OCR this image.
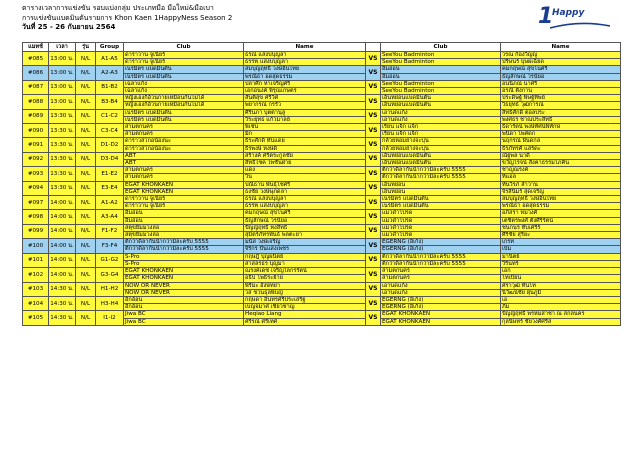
ตารางเวลาการแข่งขัน รอบแบ่งกลุ่ม ประเภทมือ มือใหม่&มือเบา
การแข่งขันแบดมินตันรายการ Khon Kaen 1HappyNess Season 2
วันที่ 25 - 26 กันยายน 2564	1
Happy
แมทช์	เวลา	รุ่น	Group	Club	Name		Club	Name
#085	13:00 น.	N/L	A1-A5	ดาราวาน จูเนียร์	ธรณ์ แสงบบุญลา	VS	SeeYou Badminton	วรณ ก้องวิญญู
				ดาราวาน จูเนียร์	ธรรพ์ แสงบบุญลา		SeeYou Badminton	ปริษนร์ บุษผเฉียด
#086	13:00 น.	N/L	A2-A3	เนรมิตร แบดมินตัน	สมบุญฤทธิ์ วงษ์อินไทย	VS	อื่มอ่อน	คมกฤษณ์ สุขโนศรี
				เนรมิตร แบดมินตัน	พรณีธา อดสุดธรรม		อื่มอ่อน	ธัญลักษณ์ วรนัยอ
#087	13:00 น.	N/L	B1-B2	เฉลาแก้ง	ปลาศึก หาเจริญศรี	VS	SeeYou Badminton	อนนิภณ์ นาศรี
				เฉลาแก้ง	เอกอนงค์ พิรุณเกษตร		SeeYou Badminton	อรณี ตึงกาน
#088	13:00 น.	N/L	B3-B4	หญิงเองก็อ้วนกายเหมือนกันไม่ได้	สันติสุข ศรีวิศ	VS	เอ็นหย่อนแบดมินตัน	ประดิษฐ์ พิษฐ์ทิพย์
				หญิงเองก็อ้วนกายเหมือนกันไม่ได้	พยากรณ์ กรรัว		เอ็นหย่อนแบดมินตัน	วิธยุทธ์ วุฒิการณ์
#089	13:30 น.	N/L	C1-C2	เนรมิตร แบดมินตัน	ศิรินภา บุตตานุลู	VS	เอานดแก้ง	สิทธิศักดิ์ ตอลประ
				เนรมิตร แบดมินตัน	วีระยุทธ แก้วมาลย์		เอานดแก้ง	พงศธร ชาณประสิทธิ์
#090	13:30 น.	N/L	C3-C4	สามตกนคร	พีเช่น	VS	เรียน แจ็ก แจ็ก	ธีดารัตน์ พงษ์ทัศน์พิทักษ์
				สามตกนคร	มิก		เรียน แจ็ก แจ็ก	พนิดา ไพศดก
#091	13:30 น.	N/L	D1-D2	ดาราวสโกอน้องนะ	ธีระศักดิ์ ทันแดย	VS	กล้วยหอมย่างจะบุน	นฤกรณ์ ฝึนดกล
				ดาราวสโกอน้องนะ	ธีรพงษ์ หงษ์ดี		กล้วยหอมย่างจะบุน	ธีรภัทรศ์ แสร์ดะ
#092	13:30 น.	N/L	D3-D4	ABT	สร้างค์ ศรีตระกูลชัย	VS	เอ็นหย่อนแบดมินตัน	ณัฐพล นาดี
				ABT	สิทธิ์ไชค ไพชั้นฝ่าย		เอ็นหย่อนแบดมินตัน	ขวัญโรจน์ สังคาธรรมโภคิน
#093	13:30 น.	N/L	E1-E2	สามตกนคร	แดง	VS	ตีกว่าดีลากันน้ากว่ามีละครับ 5555	ชาญณรงค์
				สามตกนคร	วิน		ตีกว่าดีลากันน้ากว่ามีละครับ 5555	ทีแอล
#094	13:30 น.	N/L	E3-E4	EGAT KHONKAEN	ปณิธาน พันธุ์โชศรี	VS	เอ็นหย่อน	ทันวีรภ์ ล้ำวาน
				EGAT KHONKAEN	ธงชัย วงษ์ษุภดลา		เอ็นหย่อน	จิรสินีมร์ สุดเจริญ
#097	14:00 น.	N/L	A1-A2	ดาราวาน จูเนียร์	ธรณ์ แสงบบุญลา	VS	เนรมิตร แบดมินตัน	สมบุญฤทธิ์ วงษ์อินไทย
				ดาราวาน จูเนียร์	ธรรพ์ แสงบบุญลา		เนรมิตร แบดมินตัน	พรณีธา อดสุดธรรม
#098	14:00 น.	N/L	A3-A4	อื่มอ่อน	คมกฤษณ์ สุขโนศรี	VS	แมวดำโปรด	อภิสรา หมวงศ์
				อื่มอ่อน	ธัญลักษณ์ วรนัยอ		แมวดำโปรด	เตชิตรพงศ์ ตังศิริรัตน์
#099	14:00 น.	N/L	F1-F2	สตุขยิ้มมวงล่อ	ปัญญ์ฤทธิ์ หงสิทธิ์	VS	แมวดำโปรด	ชนกนร ทับเศรีร์
				สตุขยิ้มมวงล่อ	สุมิตร์ภัทรพันธ์ พลตะยา		แมวดำโปรด	ศิริชัย สุริยะ
#100	14:00 น.	N/L	F3-F4	ตีกว่าดีลากันน้ากว่ามีละครับ 5555	มนัส วงษ์เจริญ	VS	EGERNG (อีเก้ง)	เกรท
				ตีกว่าดีลากันน้ากว่ามีละครับ 5555	จิรีกร ปั่นแสงเพชร		EGERNG (อีเก้ง)	เบ้ม
#101	14:00 น.	N/L	G1-G2	S-Pro	กฤษฎิ์ บุญผนิตย์	VS	ตีกว่าดีลากันน้ากว่ามีละครับ 5555	มานิตย์
				S-Pro	สาสลรธร บุญมา		ตีกว่าดีลากันน้ากว่ามีละครับ 5555	วิรินทร์
#102	14:00 น.	N/L	G3-G4	EGAT KHONKAEN	ณรงค์เดช เจริญไลกรรัตน์	VS	สามตกนคร	เอก
				EGAT KHONKAEN	อธิป โพธิ์ระย้าย		สามตกนคร	โทเบียน
#103	14:30 น.	N/L	H1-H2	NOW OR NEVER	พีรีมะ อังษ์ทยา	VS	เอานดแก้ง	ศราวุฒิ ทันโท
				NOW OR NEVER	วส ชวนธุลพิบญ์		เอานดแก้ง	นิวัฒน์ชัย ฝุ่นภูมิ
#104	14:30 น.	N/L	H3-H4	อีกอ้อน	กฤษดา อินทรศรีประเสริฐ	VS	EGERNG (อีเก้ง)	เอ
				อีกอ้อน	เบญจมาศ เชี่ยวชาญ		EGERNG (อีเก้ง)	ภีม
#105	14:30 น.	N/L	I1-I2	Jiwa BC	Heqiao Liang	VS	EGAT KHONKAEN	ปัญญ์ฤทธิ์ พรหมสาชา ณ สกลนคร
				Jiwa BC	ศรีรณ์ ศรีเทศ		EGAT KHONKAEN	กุลนิษทร์ ชัยวงศ์ศรีส
